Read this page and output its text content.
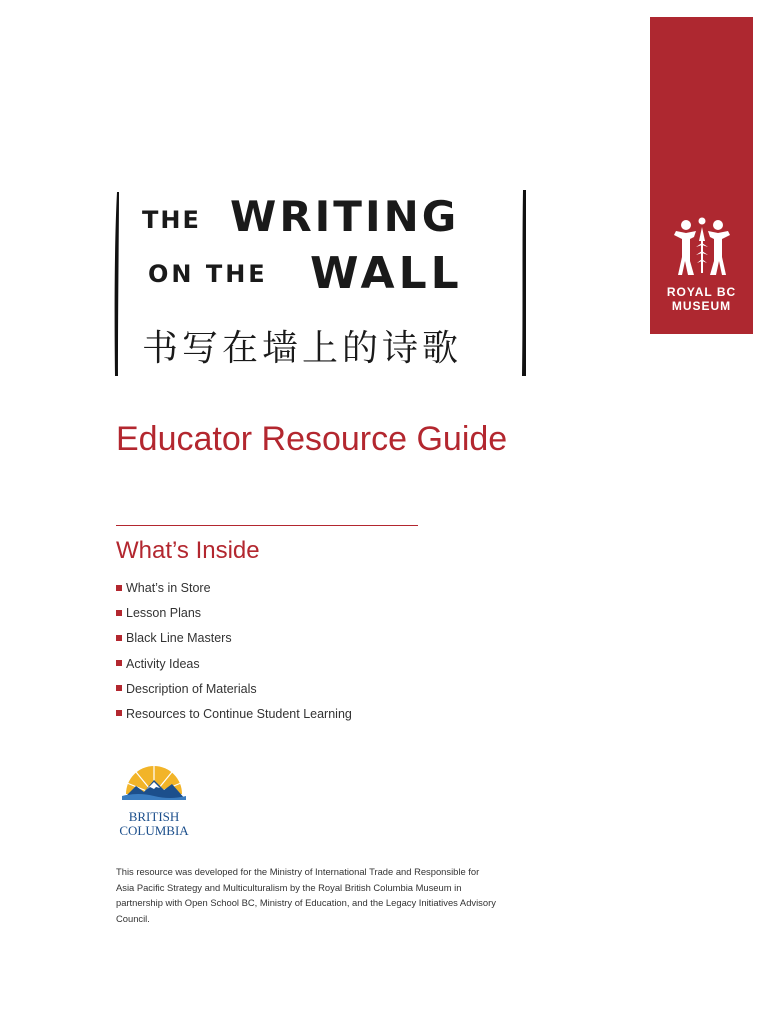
ROYAL BC
MUSEUM
THE WRITING
ON THE WALL
书写在墙上的诗歌
Educator Resource Guide
What’s Inside
What’s in Store
Lesson Plans
Black Line Masters
Activity Ideas
Description of Materials
Resources to Continue Student Learning
BRITISH
COLUMBIA
This resource was developed for the Ministry of International Trade and Responsible for Asia Pacific Strategy and Multiculturalism by the Royal British Columbia Museum in partnership with Open School BC, Ministry of Education, and the Legacy Initiatives Advisory Council.
